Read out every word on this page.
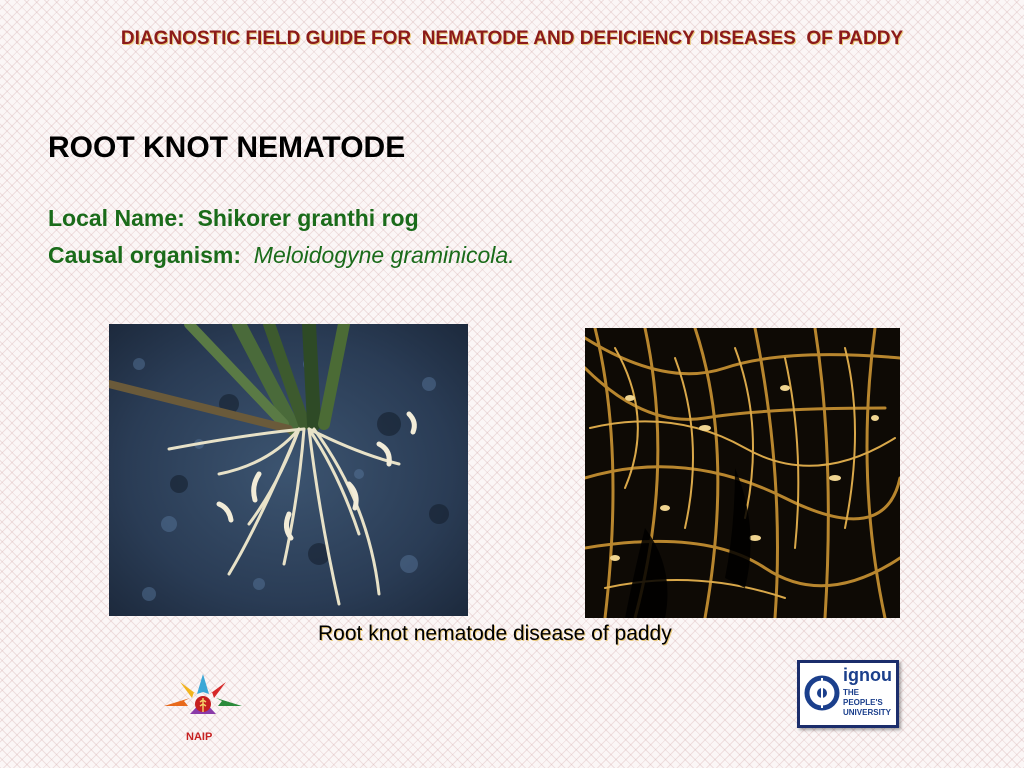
DIAGNOSTIC FIELD GUIDE FOR  NEMATODE AND DEFICIENCY DISEASES  OF PADDY
ROOT KNOT NEMATODE
Local Name: Shikorer granthi rog
Causal organism: Meloidogyne graminicola.
Root knot nematode disease of paddy
NAIP
ignou
THE PEOPLE'S
UNIVERSITY
